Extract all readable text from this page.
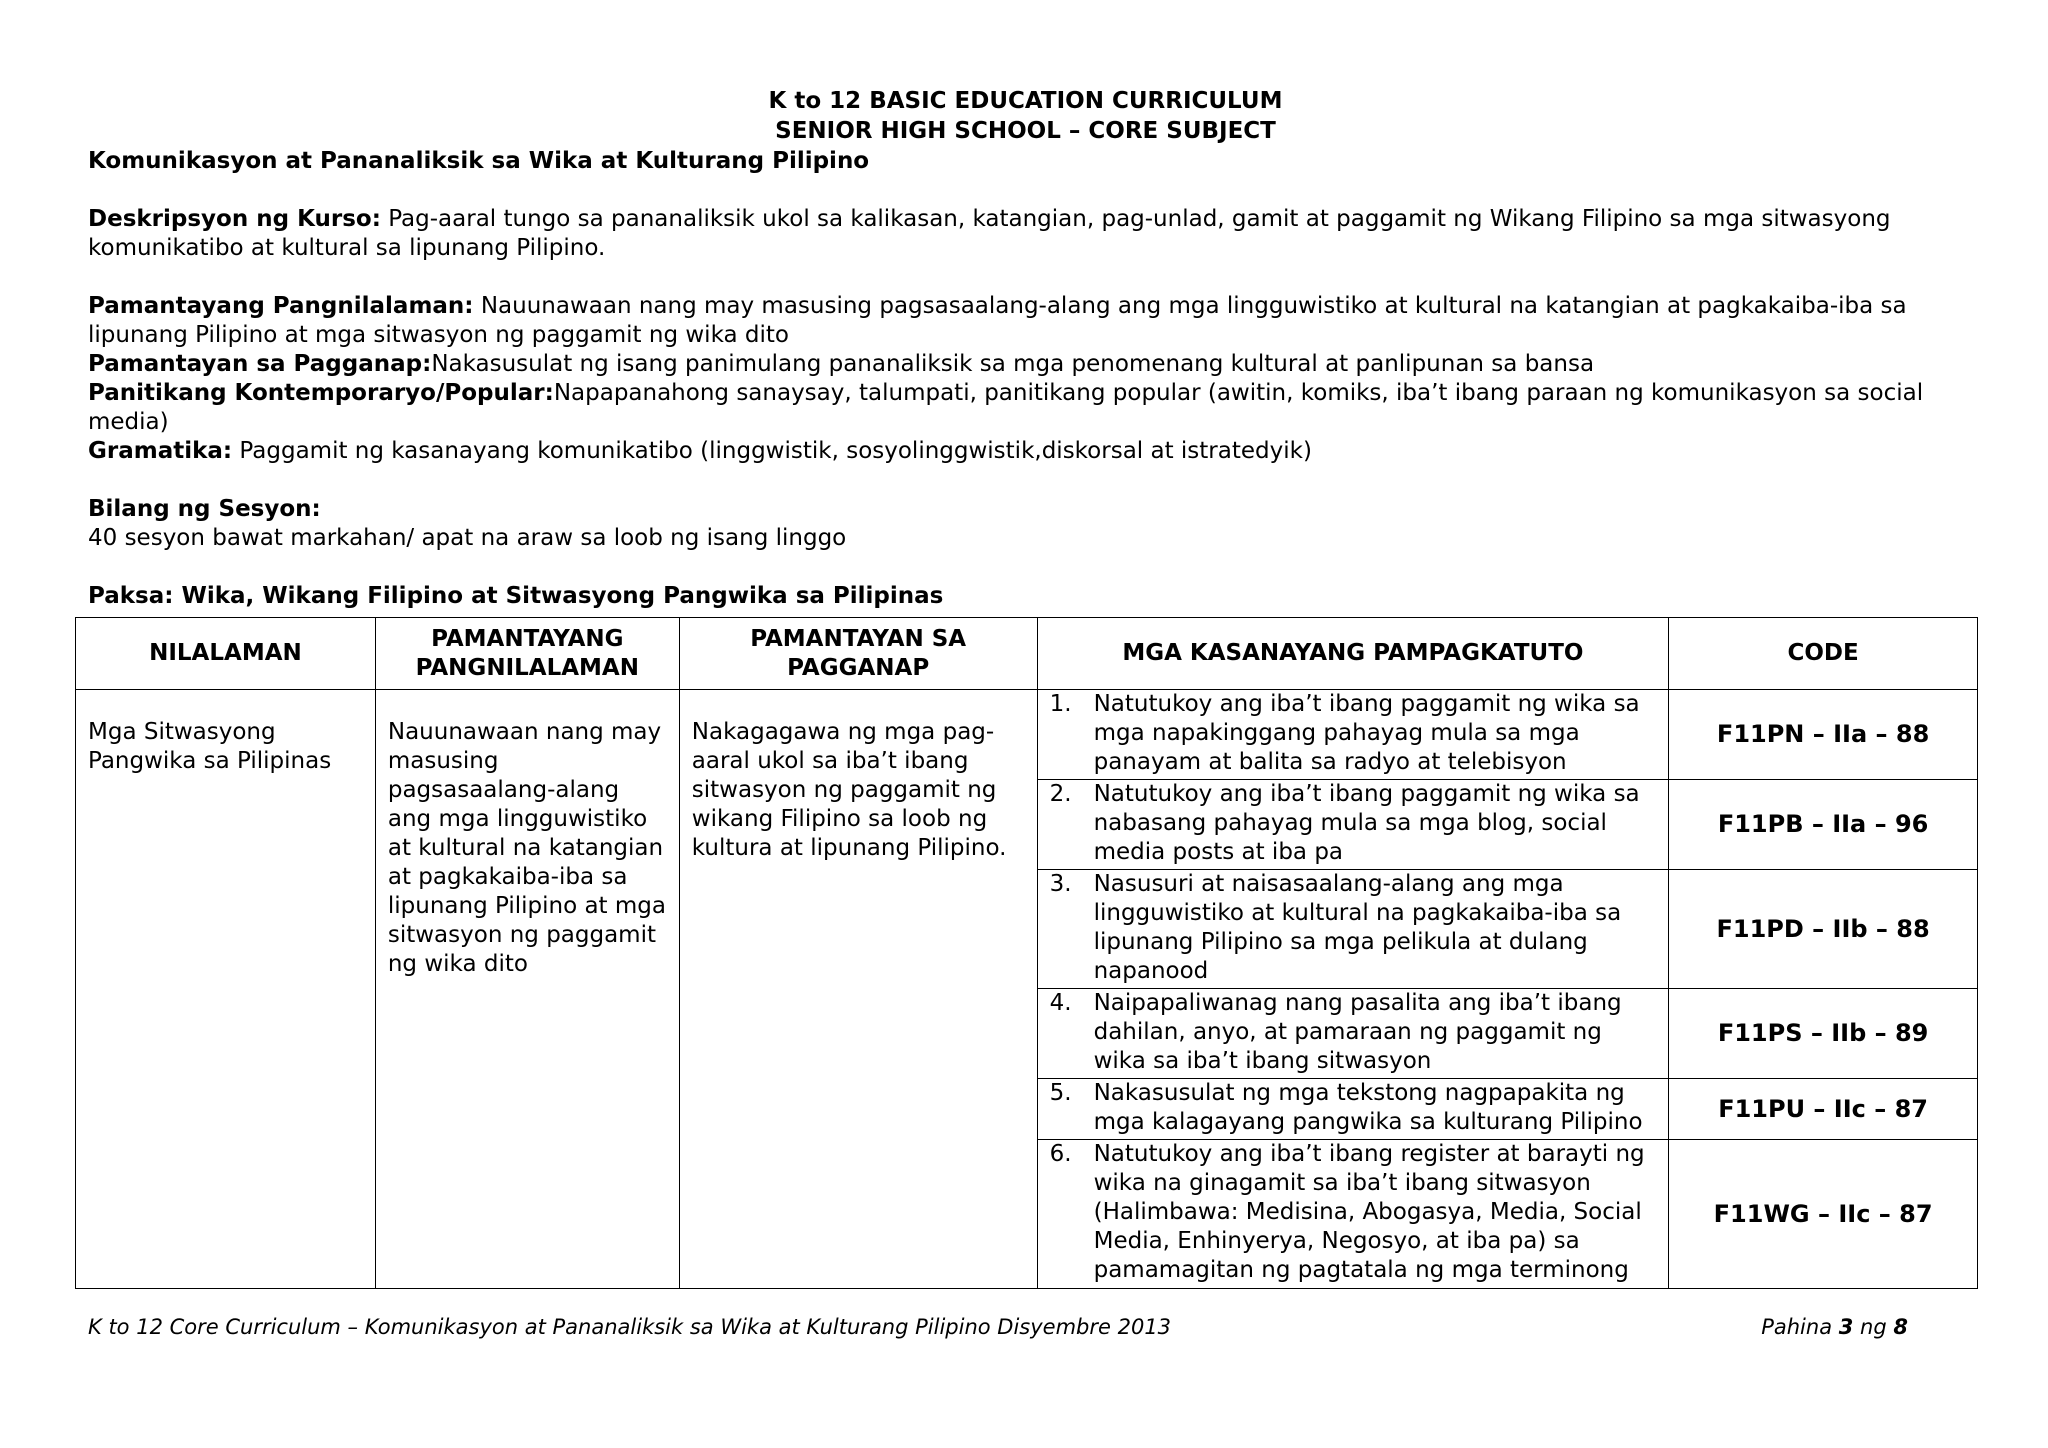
K to 12 BASIC EDUCATION CURRICULUM
SENIOR HIGH SCHOOL – CORE SUBJECT
Komunikasyon at Pananaliksik sa Wika at Kulturang Pilipino

Deskripsyon ng Kurso: Pag-aaral tungo sa pananaliksik ukol sa kalikasan, katangian, pag-unlad, gamit at paggamit ng Wikang Filipino sa mga sitwasyong komunikatibo at kultural sa lipunang Pilipino.

Pamantayang Pangnilalaman: Nauunawaan nang may masusing pagsasaalang-alang ang mga lingguwistiko at kultural na katangian at pagkakaiba-iba sa lipunang Pilipino at mga sitwasyon ng paggamit ng wika dito

Pamantayan sa Pagganap:Nakasusulat ng isang panimulang pananaliksik sa mga penomenang kultural at panlipunan sa bansa

Panitikang Kontemporaryo/Popular:Napapanahong sanaysay, talumpati, panitikang popular (awitin, komiks, iba’t ibang paraan ng komunikasyon sa social media)

Gramatika: Paggamit ng kasanayang komunikatibo (linggwistik, sosyolinggwistik,diskorsal at istratedyik)

Bilang ng Sesyon:

40 sesyon bawat markahan/ apat na araw sa loob ng isang linggo

Paksa: Wika, Wikang Filipino at Sitwasyong Pangwika sa Pilipinas

NILALAMAN	PAMANTAYANG PANGNILALAMAN	PAMANTAYAN SA PAGGANAP	MGA KASANAYANG PAMPAGKATUTO	CODE
Mga Sitwasyong Pangwika sa Pilipinas	Nauunawaan nang may masusing pagsasaalang-alang ang mga lingguwistiko at kultural na katangian at pagkakaiba-iba sa lipunang Pilipino at mga sitwasyon ng paggamit ng wika dito	Nakagagawa ng mga pag-aaral ukol sa iba’t ibang sitwasyon ng paggamit ng wikang Filipino sa loob ng kultura at lipunang Pilipino.	1. Natutukoy ang iba’t ibang paggamit ng wika sa mga napakinggang pahayag mula sa mga panayam at balita sa radyo at telebisyon	F11PN – IIa – 88

			2. Natutukoy ang iba’t ibang paggamit ng wika sa nabasang pahayag mula sa mga blog, social media posts at iba pa	F11PB – IIa – 96

			3. Nasusuri at naisasaalang-alang ang mga lingguwistiko at kultural na pagkakaiba-iba sa lipunang Pilipino sa mga pelikula at dulang napanood	F11PD – IIb – 88

			4. Naipapaliwanag nang pasalita ang iba’t ibang dahilan, anyo, at pamaraan ng paggamit ng wika sa iba’t ibang sitwasyon	F11PS – IIb – 89

			5. Nakasusulat ng mga tekstong nagpapakita ng mga kalagayang pangwika sa kulturang Pilipino	F11PU – IIc – 87

			6. Natutukoy ang iba’t ibang register at barayti ng wika na ginagamit sa iba’t ibang sitwasyon (Halimbawa: Medisina, Abogasya, Media, Social Media, Enhinyerya, Negosyo, at iba pa) sa pamamagitan ng pagtatala ng mga terminong	F11WG – IIc – 87
K to 12 Core Curriculum – Komunikasyon at Pananaliksik sa Wika at Kulturang Pilipino Disyembre 2013	Pahina 3 ng 8
